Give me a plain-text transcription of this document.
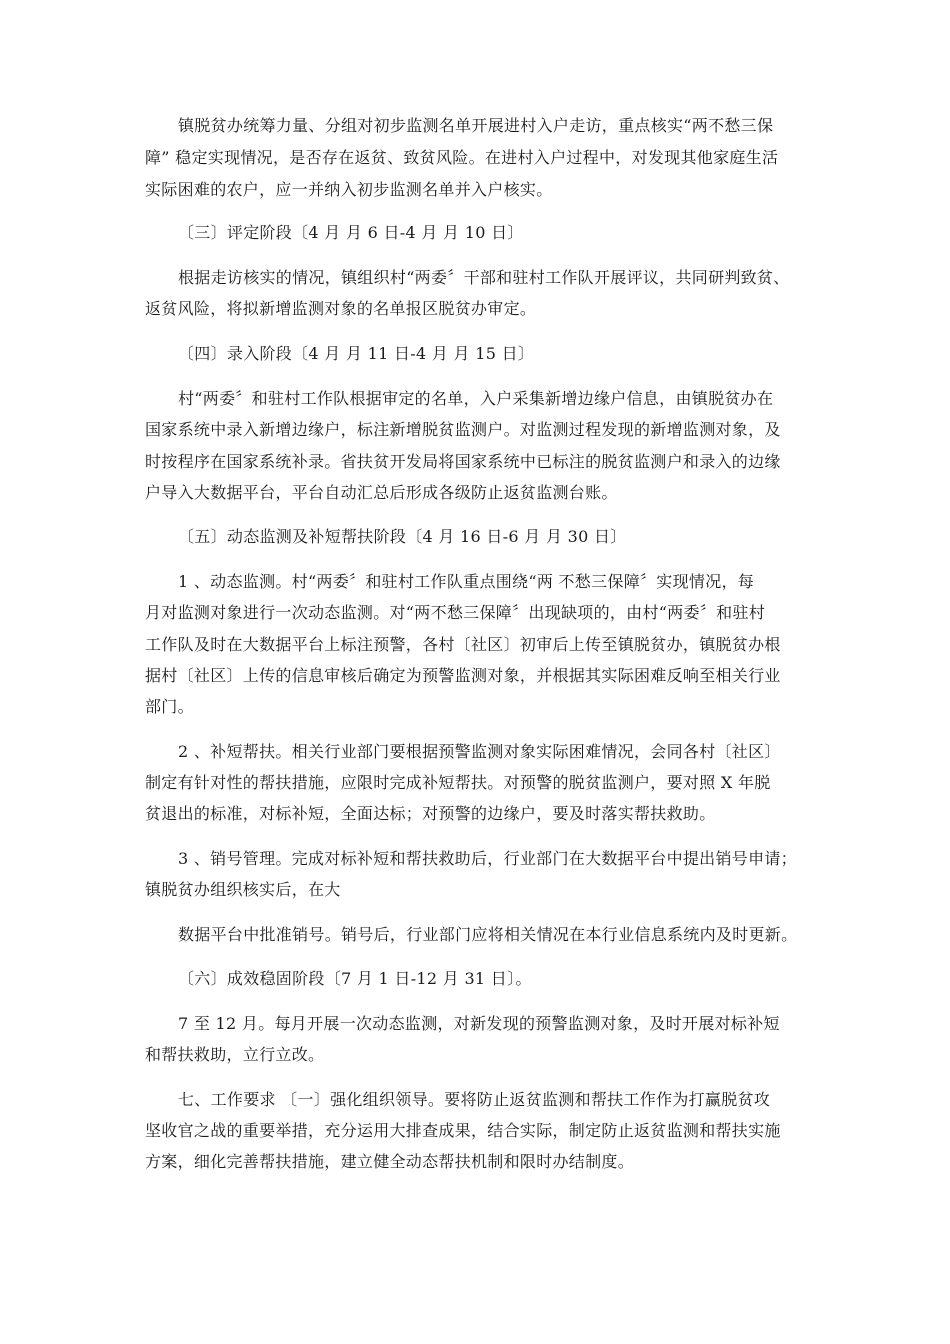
镇脱贫办统筹力量、分组对初步监测名单开展进村入户走访，重点核实“两不愁三保
障” 稳定实现情况，是否存在返贫、致贫风险。在进村入户过程中，对发现其他家庭生活
实际困难的农户，应一并纳入初步监测名单并入户核实。
〔三〕评定阶段〔4 月 月 6 日-4 月 月 10 日〕
根据走访核实的情况，镇组织村“两委〞干部和驻村工作队开展评议，共同研判致贫、
返贫风险，将拟新增监测对象的名单报区脱贫办审定。
〔四〕录入阶段〔4 月 月 11 日-4 月 月 15 日〕
村“两委〞和驻村工作队根据审定的名单，入户采集新增边缘户信息，由镇脱贫办在
国家系统中录入新增边缘户，标注新增脱贫监测户。对监测过程发现的新增监测对象，及
时按程序在国家系统补录。省扶贫开发局将国家系统中已标注的脱贫监测户和录入的边缘
户导入大数据平台，平台自动汇总后形成各级防止返贫监测台账。
〔五〕动态监测及补短帮扶阶段〔4 月 16 日-6 月 月 30 日〕
1 、动态监测。村“两委〞和驻村工作队重点围绕“两 不愁三保障〞实现情况，每
月对监测对象进行一次动态监测。对“两不愁三保障〞出现缺项的，由村“两委〞和驻村
工作队及时在大数据平台上标注预警，各村〔社区〕初审后上传至镇脱贫办，镇脱贫办根
据村〔社区〕上传的信息审核后确定为预警监测对象，并根据其实际困难反响至相关行业
部门。
2 、补短帮扶。相关行业部门要根据预警监测对象实际困难情况，会同各村〔社区〕
制定有针对性的帮扶措施，应限时完成补短帮扶。对预警的脱贫监测户，要对照 X 年脱
贫退出的标准，对标补短，全面达标；对预警的边缘户，要及时落实帮扶救助。
3 、销号管理。完成对标补短和帮扶救助后，行业部门在大数据平台中提出销号申请；
镇脱贫办组织核实后，在大
数据平台中批准销号。销号后，行业部门应将相关情况在本行业信息系统内及时更新。
〔六〕成效稳固阶段〔7 月 1 日-12 月 31 日〕。
7 至 12 月。每月开展一次动态监测，对新发现的预警监测对象，及时开展对标补短
和帮扶救助，立行立改。
七、工作要求 〔一〕强化组织领导。要将防止返贫监测和帮扶工作作为打赢脱贫攻
坚收官之战的重要举措，充分运用大排查成果，结合实际，制定防止返贫监测和帮扶实施
方案，细化完善帮扶措施，建立健全动态帮扶机制和限时办结制度。
